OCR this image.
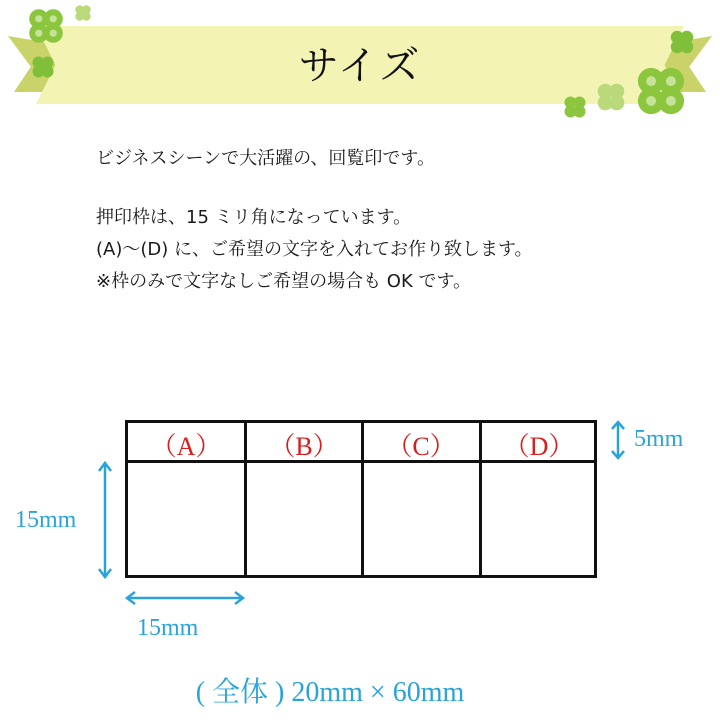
サイズ
ビジネスシーンで大活躍の、回覧印です。
押印枠は、15 ミリ角になっています。
(A)〜(D) に、ご希望の文字を入れてお作り致します。
※枠のみで文字なしご希望の場合も OK です。
（A）	（B）	（C）	（D）	5mm
15mm
15mm
( 全体 ) 20mm × 60mm
